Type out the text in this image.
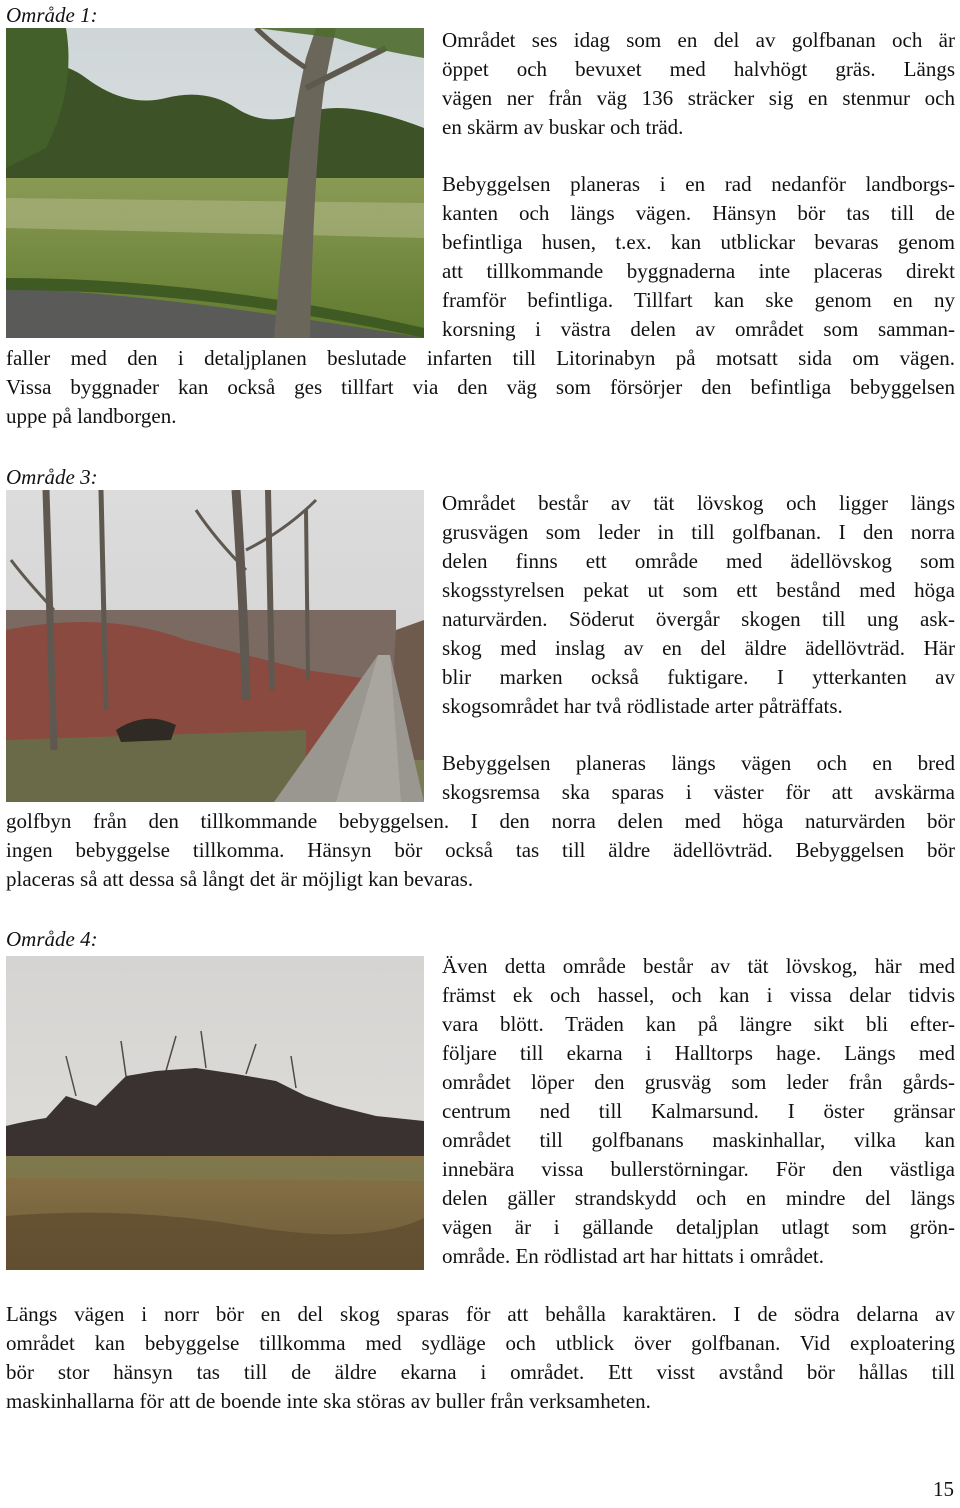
Område 1:
Området ses idag som en del av golfbanan och är
öppet och bevuxet med halvhögt gräs. Längs
vägen ner från väg 136 sträcker sig en stenmur och
en skärm av buskar och träd.
Bebyggelsen planeras i en rad nedanför landborgs-
kanten och längs vägen. Hänsyn bör tas till de
befintliga husen, t.ex. kan utblickar bevaras genom
att tillkommande byggnaderna inte placeras direkt
framför befintliga. Tillfart kan ske genom en ny
korsning i västra delen av området som samman-
faller med den i detaljplanen beslutade infarten till Litorinabyn på motsatt sida om vägen.
Vissa byggnader kan också ges tillfart via den väg som försörjer den befintliga bebyggelsen
uppe på landborgen.
Område 3:
Området består av tät lövskog och ligger längs
grusvägen som leder in till golfbanan. I den norra
delen finns ett område med ädellövskog som
skogsstyrelsen pekat ut som ett bestånd med höga
naturvärden. Söderut övergår skogen till ung ask-
skog med inslag av en del äldre ädellövträd. Här
blir marken också fuktigare. I ytterkanten av
skogsområdet har två rödlistade arter påträffats.
Bebyggelsen planeras längs vägen och en bred
skogsremsa ska sparas i väster för att avskärma
golfbyn från den tillkommande bebyggelsen. I den norra delen med höga naturvärden bör
ingen bebyggelse tillkomma. Hänsyn bör också tas till äldre ädellövträd. Bebyggelsen bör
placeras så att dessa så långt det är möjligt kan bevaras.
Område 4:
Även detta område består av tät lövskog, här med
främst ek och hassel, och kan i vissa delar tidvis
vara blött. Träden kan på längre sikt bli efter-
följare till ekarna i Halltorps hage. Längs med
området löper den grusväg som leder från gårds-
centrum ned till Kalmarsund. I öster gränsar
området till golfbanans maskinhallar, vilka kan
innebära vissa bullerstörningar. För den västliga
delen gäller strandskydd och en mindre del längs
vägen är i gällande detaljplan utlagt som grön-
område. En rödlistad art har hittats i området.
Längs vägen i norr bör en del skog sparas för att behålla karaktären. I de södra delarna av
området kan bebyggelse tillkomma med sydläge och utblick över golfbanan. Vid exploatering
bör stor hänsyn tas till de äldre ekarna i området. Ett visst avstånd bör hållas till
maskinhallarna för att de boende inte ska störas av buller från verksamheten.
15
